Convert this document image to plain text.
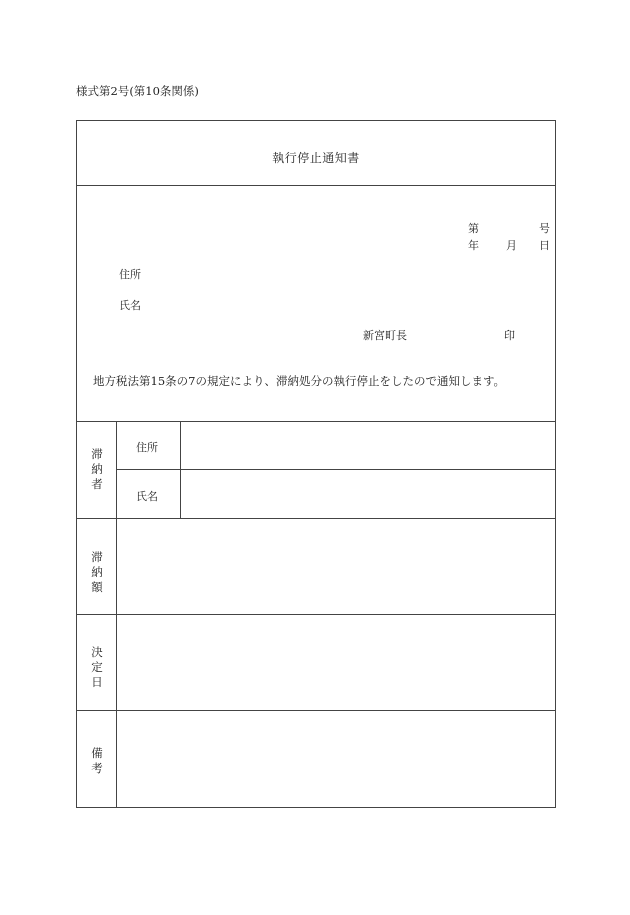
様式第2号(第10条関係)
執行停止通知書
第	号
年 月 日
住所
氏名
新宮町長	印
地方税法第15条の7の規定により、滞納処分の執行停止をしたので通知します。
滞
納
者
住所
氏名
滞
納
額
決
定
日
備
考
